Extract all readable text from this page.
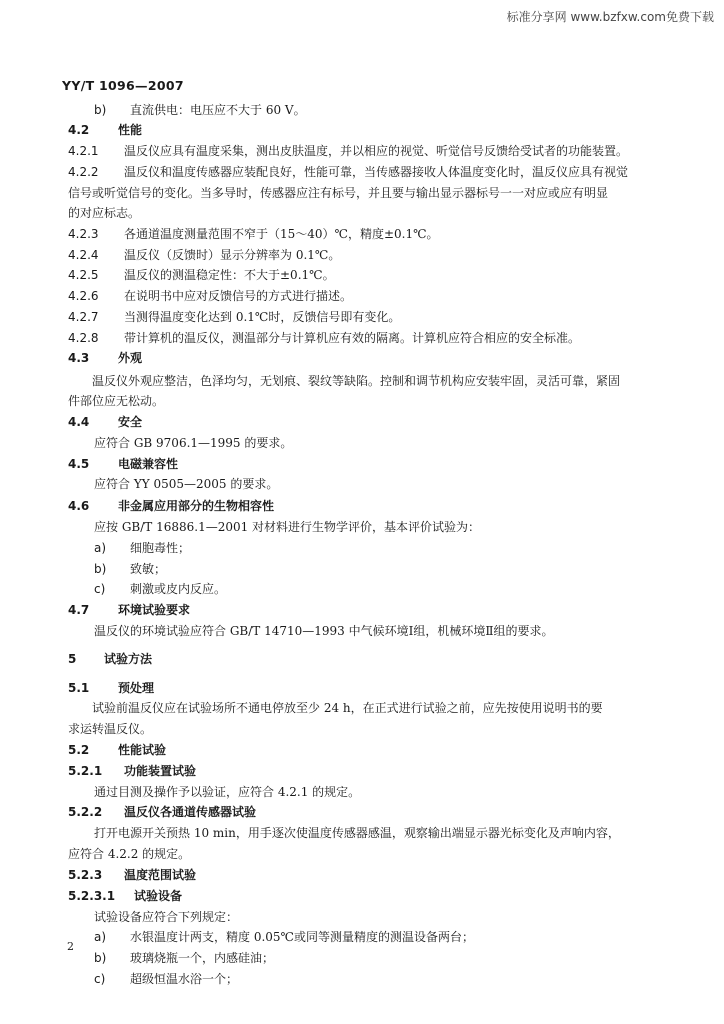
标准分享网 www.bzfxw.com免费下载
YY/T 1096—2007
b) 直流供电：电压应不大于 60 V。
4.2 性能
4.2.1 温反仪应具有温度采集，测出皮肤温度，并以相应的视觉、听觉信号反馈给受试者的功能装置。
4.2.2 温反仪和温度传感器应装配良好，性能可靠，当传感器接收人体温度变化时，温反仪应具有视觉
信号或听觉信号的变化。当多导时，传感器应注有标号，并且要与输出显示器标号一一对应或应有明显
的对应标志。
4.2.3 各通道温度测量范围不窄于（15～40）℃，精度±0.1℃。
4.2.4 温反仪（反馈时）显示分辨率为 0.1℃。
4.2.5 温反仪的测温稳定性：不大于±0.1℃。
4.2.6 在说明书中应对反馈信号的方式进行描述。
4.2.7 当测得温度变化达到 0.1℃时，反馈信号即有变化。
4.2.8 带计算机的温反仪，测温部分与计算机应有效的隔离。计算机应符合相应的安全标准。
4.3 外观
温反仪外观应整洁，色泽均匀，无划痕、裂纹等缺陷。控制和调节机构应安装牢固，灵活可靠，紧固
件部位应无松动。
4.4 安全
应符合 GB 9706.1—1995 的要求。
4.5 电磁兼容性
应符合 YY 0505—2005 的要求。
4.6 非金属应用部分的生物相容性
应按 GB/T 16886.1—2001 对材料进行生物学评价，基本评价试验为：
a) 细胞毒性；
b) 致敏；
c) 刺激或皮内反应。
4.7 环境试验要求
温反仪的环境试验应符合 GB/T 14710—1993 中气候环境Ⅰ组，机械环境Ⅱ组的要求。
5 试验方法
5.1 预处理
试验前温反仪应在试验场所不通电停放至少 24 h，在正式进行试验之前，应先按使用说明书的要
求运转温反仪。
5.2 性能试验
5.2.1 功能装置试验
通过目测及操作予以验证，应符合 4.2.1 的规定。
5.2.2 温反仪各通道传感器试验
打开电源开关预热 10 min，用手逐次使温度传感器感温，观察输出端显示器光标变化及声响内容，
应符合 4.2.2 的规定。
5.2.3 温度范围试验
5.2.3.1 试验设备
试验设备应符合下列规定：
a) 水银温度计两支，精度 0.05℃或同等测量精度的测温设备两台；
b) 玻璃烧瓶一个，内感硅油；
c) 超级恒温水浴一个；
2
